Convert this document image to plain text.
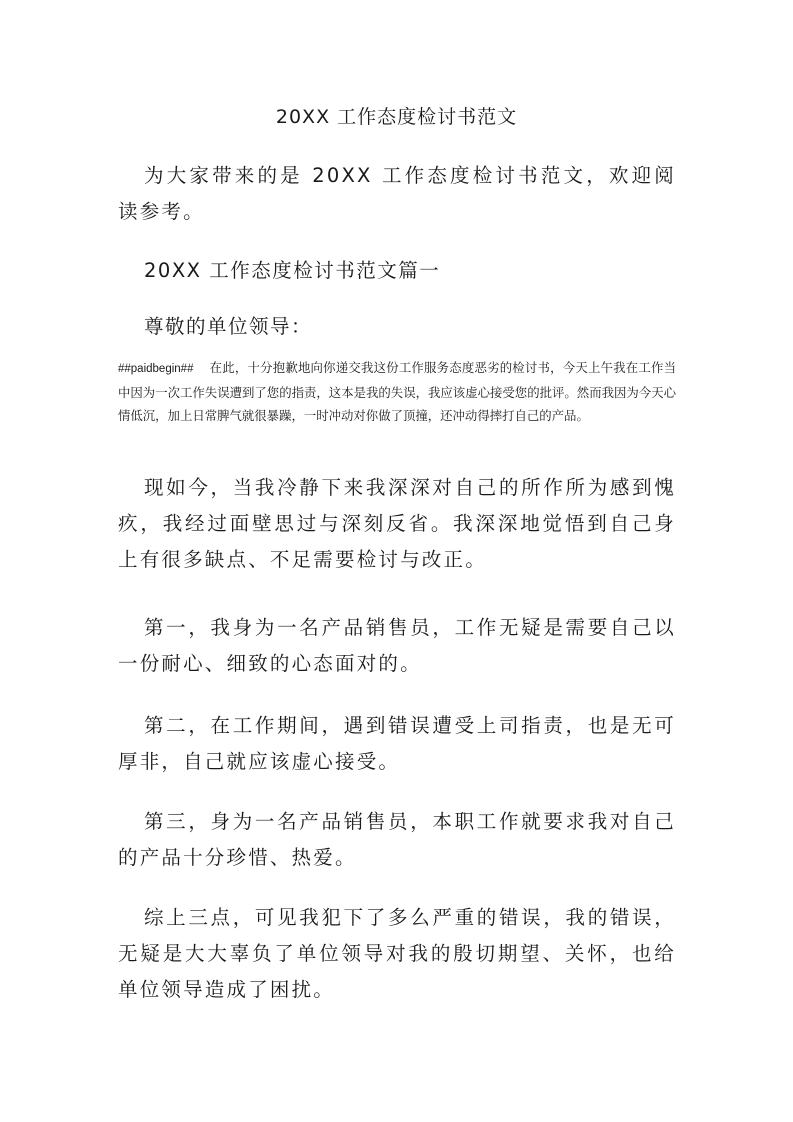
20XX 工作态度检讨书范文

为大家带来的是 20XX 工作态度检讨书范文，欢迎阅读参考。

20XX 工作态度检讨书范文篇一

尊敬的单位领导：

##paidbegin## 在此，十分抱歉地向你递交我这份工作服务态度恶劣的检讨书，今天上午我在工作当中因为一次工作失误遭到了您的指责，这本是我的失误，我应该虚心接受您的批评。然而我因为今天心情低沉，加上日常脾气就很暴躁，一时冲动对你做了顶撞，还冲动得摔打自己的产品。

现如今，当我冷静下来我深深对自己的所作所为感到愧疚，我经过面壁思过与深刻反省。我深深地觉悟到自己身上有很多缺点、不足需要检讨与改正。

第一，我身为一名产品销售员，工作无疑是需要自己以一份耐心、细致的心态面对的。

第二，在工作期间，遇到错误遭受上司指责，也是无可厚非，自己就应该虚心接受。

第三，身为一名产品销售员，本职工作就要求我对自己的产品十分珍惜、热爱。

综上三点，可见我犯下了多么严重的错误，我的错误，无疑是大大辜负了单位领导对我的殷切期望、关怀，也给单位领导造成了困扰。
